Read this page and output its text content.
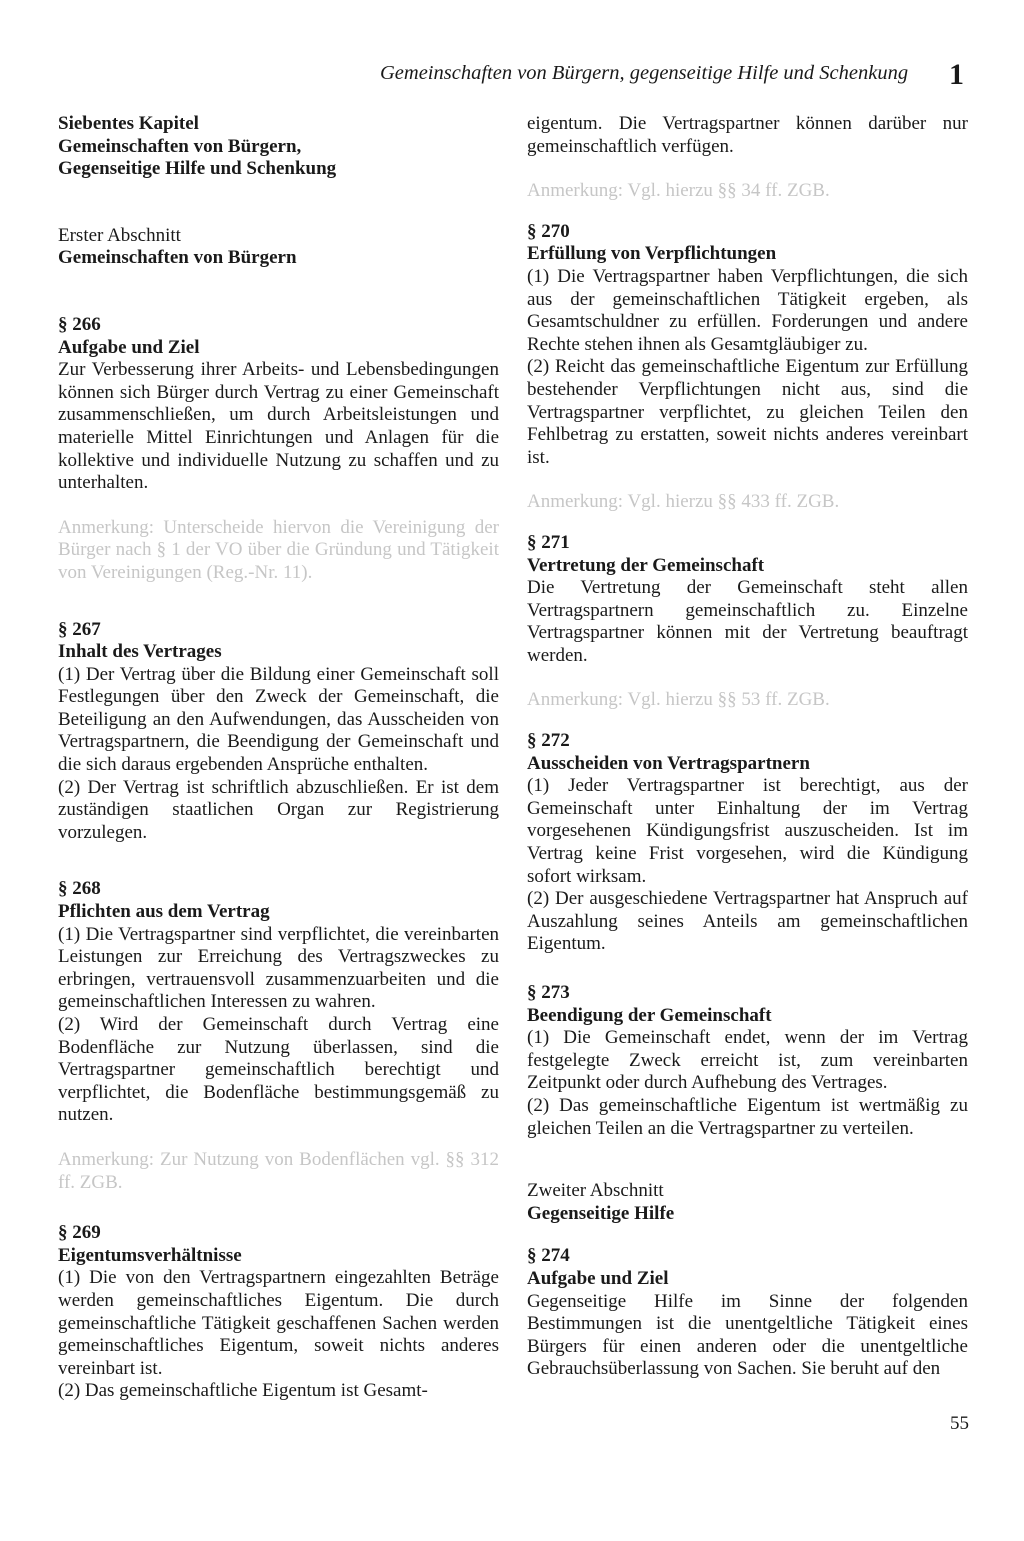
Gemeinschaften von Bürgern, gegenseitige Hilfe und Schenkung	1

Siebentes Kapitel

Gemeinschaften von Bürgern,

Gegenseitige Hilfe und Schenkung

Erster Abschnitt

Gemeinschaften von Bürgern

§ 266

Aufgabe und Ziel

Zur Verbesserung ihrer Arbeits- und Lebensbedingungen können sich Bürger durch Vertrag zu einer Gemeinschaft zusammenschließen, um durch Arbeitsleistungen und materielle Mittel Einrichtungen und Anlagen für die kollektive und individuelle Nutzung zu schaffen und zu unterhalten.

Anmerkung: Unterscheide hiervon die Vereinigung der Bürger nach § 1 der VO über die Gründung und Tätigkeit von Vereinigungen (Reg.-Nr. 11).

§ 267

Inhalt des Vertrages

(1) Der Vertrag über die Bildung einer Gemeinschaft soll Festlegungen über den Zweck der Gemeinschaft, die Beteiligung an den Aufwendungen, das Ausscheiden von Vertragspartnern, die Beendigung der Gemeinschaft und die sich daraus ergebenden Ansprüche enthalten.

(2) Der Vertrag ist schriftlich abzuschließen. Er ist dem zuständigen staatlichen Organ zur Registrierung vorzulegen.

§ 268

Pflichten aus dem Vertrag

(1) Die Vertragspartner sind verpflichtet, die vereinbarten Leistungen zur Erreichung des Vertragszweckes zu erbringen, vertrauensvoll zusammenzuarbeiten und die gemeinschaftlichen Interessen zu wahren.

(2) Wird der Gemeinschaft durch Vertrag eine Bodenfläche zur Nutzung überlassen, sind die Vertragspartner gemeinschaftlich berechtigt und verpflichtet, die Bodenfläche bestimmungsgemäß zu nutzen.

Anmerkung: Zur Nutzung von Bodenflächen vgl. §§ 312 ff. ZGB.

§ 269

Eigentumsverhältnisse

(1) Die von den Vertragspartnern eingezahlten Beträge werden gemeinschaftliches Eigentum. Die durch gemeinschaftliche Tätigkeit geschaffenen Sachen werden gemeinschaftliches Eigentum, soweit nichts anderes vereinbart ist.

(2) Das gemeinschaftliche Eigentum ist Gesamt-

eigentum. Die Vertragspartner können darüber nur gemeinschaftlich verfügen.

Anmerkung: Vgl. hierzu §§ 34 ff. ZGB.

§ 270

Erfüllung von Verpflichtungen

(1) Die Vertragspartner haben Verpflichtungen, die sich aus der gemeinschaftlichen Tätigkeit ergeben, als Gesamtschuldner zu erfüllen. Forderungen und andere Rechte stehen ihnen als Gesamtgläubiger zu.

(2) Reicht das gemeinschaftliche Eigentum zur Erfüllung bestehender Verpflichtungen nicht aus, sind die Vertragspartner verpflichtet, zu gleichen Teilen den Fehlbetrag zu erstatten, soweit nichts anderes vereinbart ist.

Anmerkung: Vgl. hierzu §§ 433 ff. ZGB.

§ 271

Vertretung der Gemeinschaft

Die Vertretung der Gemeinschaft steht allen Vertragspartnern gemeinschaftlich zu. Einzelne Vertragspartner können mit der Vertretung beauftragt werden.

Anmerkung: Vgl. hierzu §§ 53 ff. ZGB.

§ 272

Ausscheiden von Vertragspartnern

(1) Jeder Vertragspartner ist berechtigt, aus der Gemeinschaft unter Einhaltung der im Vertrag vorgesehenen Kündigungsfrist auszuscheiden. Ist im Vertrag keine Frist vorgesehen, wird die Kündigung sofort wirksam.

(2) Der ausgeschiedene Vertragspartner hat Anspruch auf Auszahlung seines Anteils am gemeinschaftlichen Eigentum.

§ 273

Beendigung der Gemeinschaft

(1) Die Gemeinschaft endet, wenn der im Vertrag festgelegte Zweck erreicht ist, zum vereinbarten Zeitpunkt oder durch Aufhebung des Vertrages.

(2) Das gemeinschaftliche Eigentum ist wertmäßig zu gleichen Teilen an die Vertragspartner zu verteilen.

Zweiter Abschnitt

Gegenseitige Hilfe

§ 274

Aufgabe und Ziel

Gegenseitige Hilfe im Sinne der folgenden Bestimmungen ist die unentgeltliche Tätigkeit eines Bürgers für einen anderen oder die unentgeltliche Gebrauchsüberlassung von Sachen. Sie beruht auf den

55
